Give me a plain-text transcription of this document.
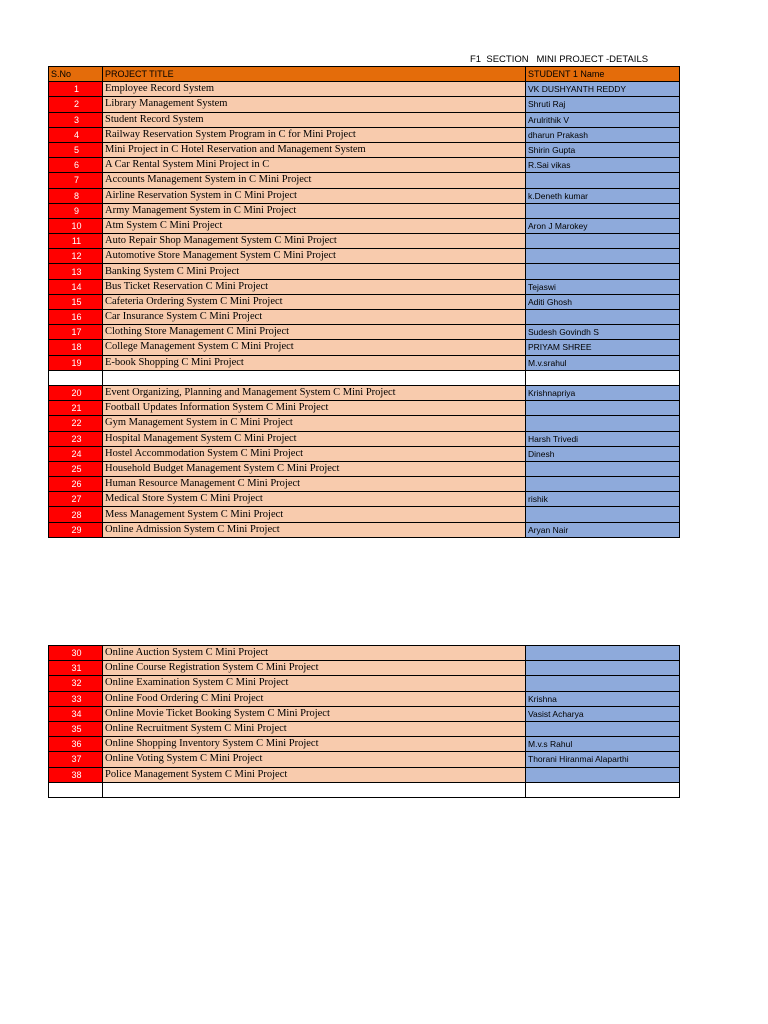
F1  SECTION   MINI PROJECT -DETAILS
S.No	PROJECT TITLE	STUDENT 1 Name
1	Employee Record System	VK DUSHYANTH REDDY
2	Library Management System	Shruti Raj
3	Student Record System	Arulrithik V
4	Railway Reservation System Program in C for Mini Project	dharun Prakash
5	Mini Project in C Hotel Reservation and Management System	Shirin Gupta
6	A Car Rental System Mini Project in C	R.Sai vikas
7	Accounts Management System in C Mini Project	
8	Airline Reservation System in C Mini Project	k.Deneth kumar
9	Army Management System in C Mini Project	
10	Atm System C Mini Project	Aron J Marokey
11	Auto Repair Shop Management System C Mini Project	
12	Automotive Store Management System C Mini Project	
13	Banking System C Mini Project	
14	Bus Ticket Reservation C Mini Project	Tejaswi
15	Cafeteria Ordering System C Mini Project	Aditi Ghosh
16	Car Insurance System C Mini Project	
17	Clothing Store Management C Mini Project	Sudesh Govindh S
18	College Management System C Mini Project	PRIYAM SHREE
19	E-book Shopping C Mini Project	M.v.srahul

20	Event Organizing, Planning and Management System C Mini Project	Krishnapriya
21	Football Updates Information System C Mini Project	
22	Gym Management System in C Mini Project	
23	Hospital Management System C Mini Project	Harsh Trivedi
24	Hostel Accommodation System C Mini Project	Dinesh
25	Household Budget Management System C Mini Project	
26	Human Resource Management C Mini Project	
27	Medical Store System C Mini Project	rishik
28	Mess Management System C Mini Project	
29	Online Admission System C Mini Project	Aryan Nair
30	Online Auction System C Mini Project	
31	Online Course Registration System C Mini Project	
32	Online Examination System C Mini Project	
33	Online Food Ordering C Mini Project	Krishna
34	Online Movie Ticket Booking System C Mini Project	Vasist Acharya
35	Online Recruitment System C Mini Project	
36	Online Shopping Inventory System C Mini Project	M.v.s Rahul
37	Online Voting System C Mini Project	Thorani Hiranmai Alaparthi
38	Police Management System C Mini Project	
